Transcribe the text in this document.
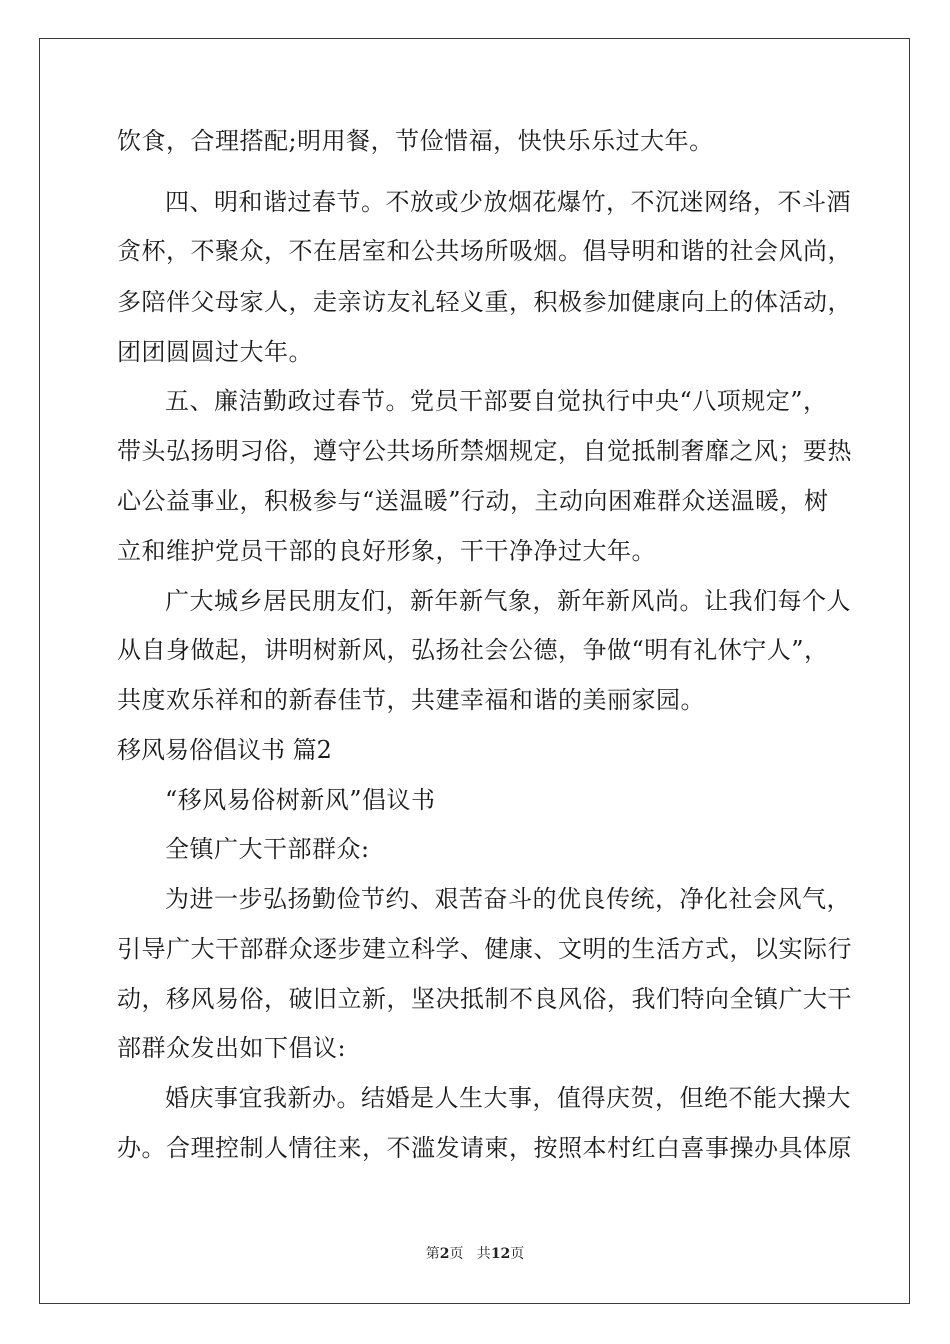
饮食，合理搭配;明用餐，节俭惜福，快快乐乐过大年。
四、明和谐过春节。不放或少放烟花爆竹，不沉迷网络，不斗酒
贪杯，不聚众，不在居室和公共场所吸烟。倡导明和谐的社会风尚，
多陪伴父母家人，走亲访友礼轻义重，积极参加健康向上的体活动，
团团圆圆过大年。
五、廉洁勤政过春节。党员干部要自觉执行中央“八项规定”，
带头弘扬明习俗，遵守公共场所禁烟规定，自觉抵制奢靡之风；要热
心公益事业，积极参与“送温暖”行动，主动向困难群众送温暖，树
立和维护党员干部的良好形象，干干净净过大年。
广大城乡居民朋友们，新年新气象，新年新风尚。让我们每个人
从自身做起，讲明树新风，弘扬社会公德，争做“明有礼休宁人”，
共度欢乐祥和的新春佳节，共建幸福和谐的美丽家园。
移风易俗倡议书 篇2
“移风易俗树新风”倡议书
全镇广大干部群众:
为进一步弘扬勤俭节约、艰苦奋斗的优良传统，净化社会风气，
引导广大干部群众逐步建立科学、健康、文明的生活方式，以实际行
动，移风易俗，破旧立新，坚决抵制不良风俗，我们特向全镇广大干
部群众发出如下倡议:
婚庆事宜我新办。结婚是人生大事，值得庆贺，但绝不能大操大
办。合理控制人情往来，不滥发请柬，按照本村红白喜事操办具体原
第2页   共12页
